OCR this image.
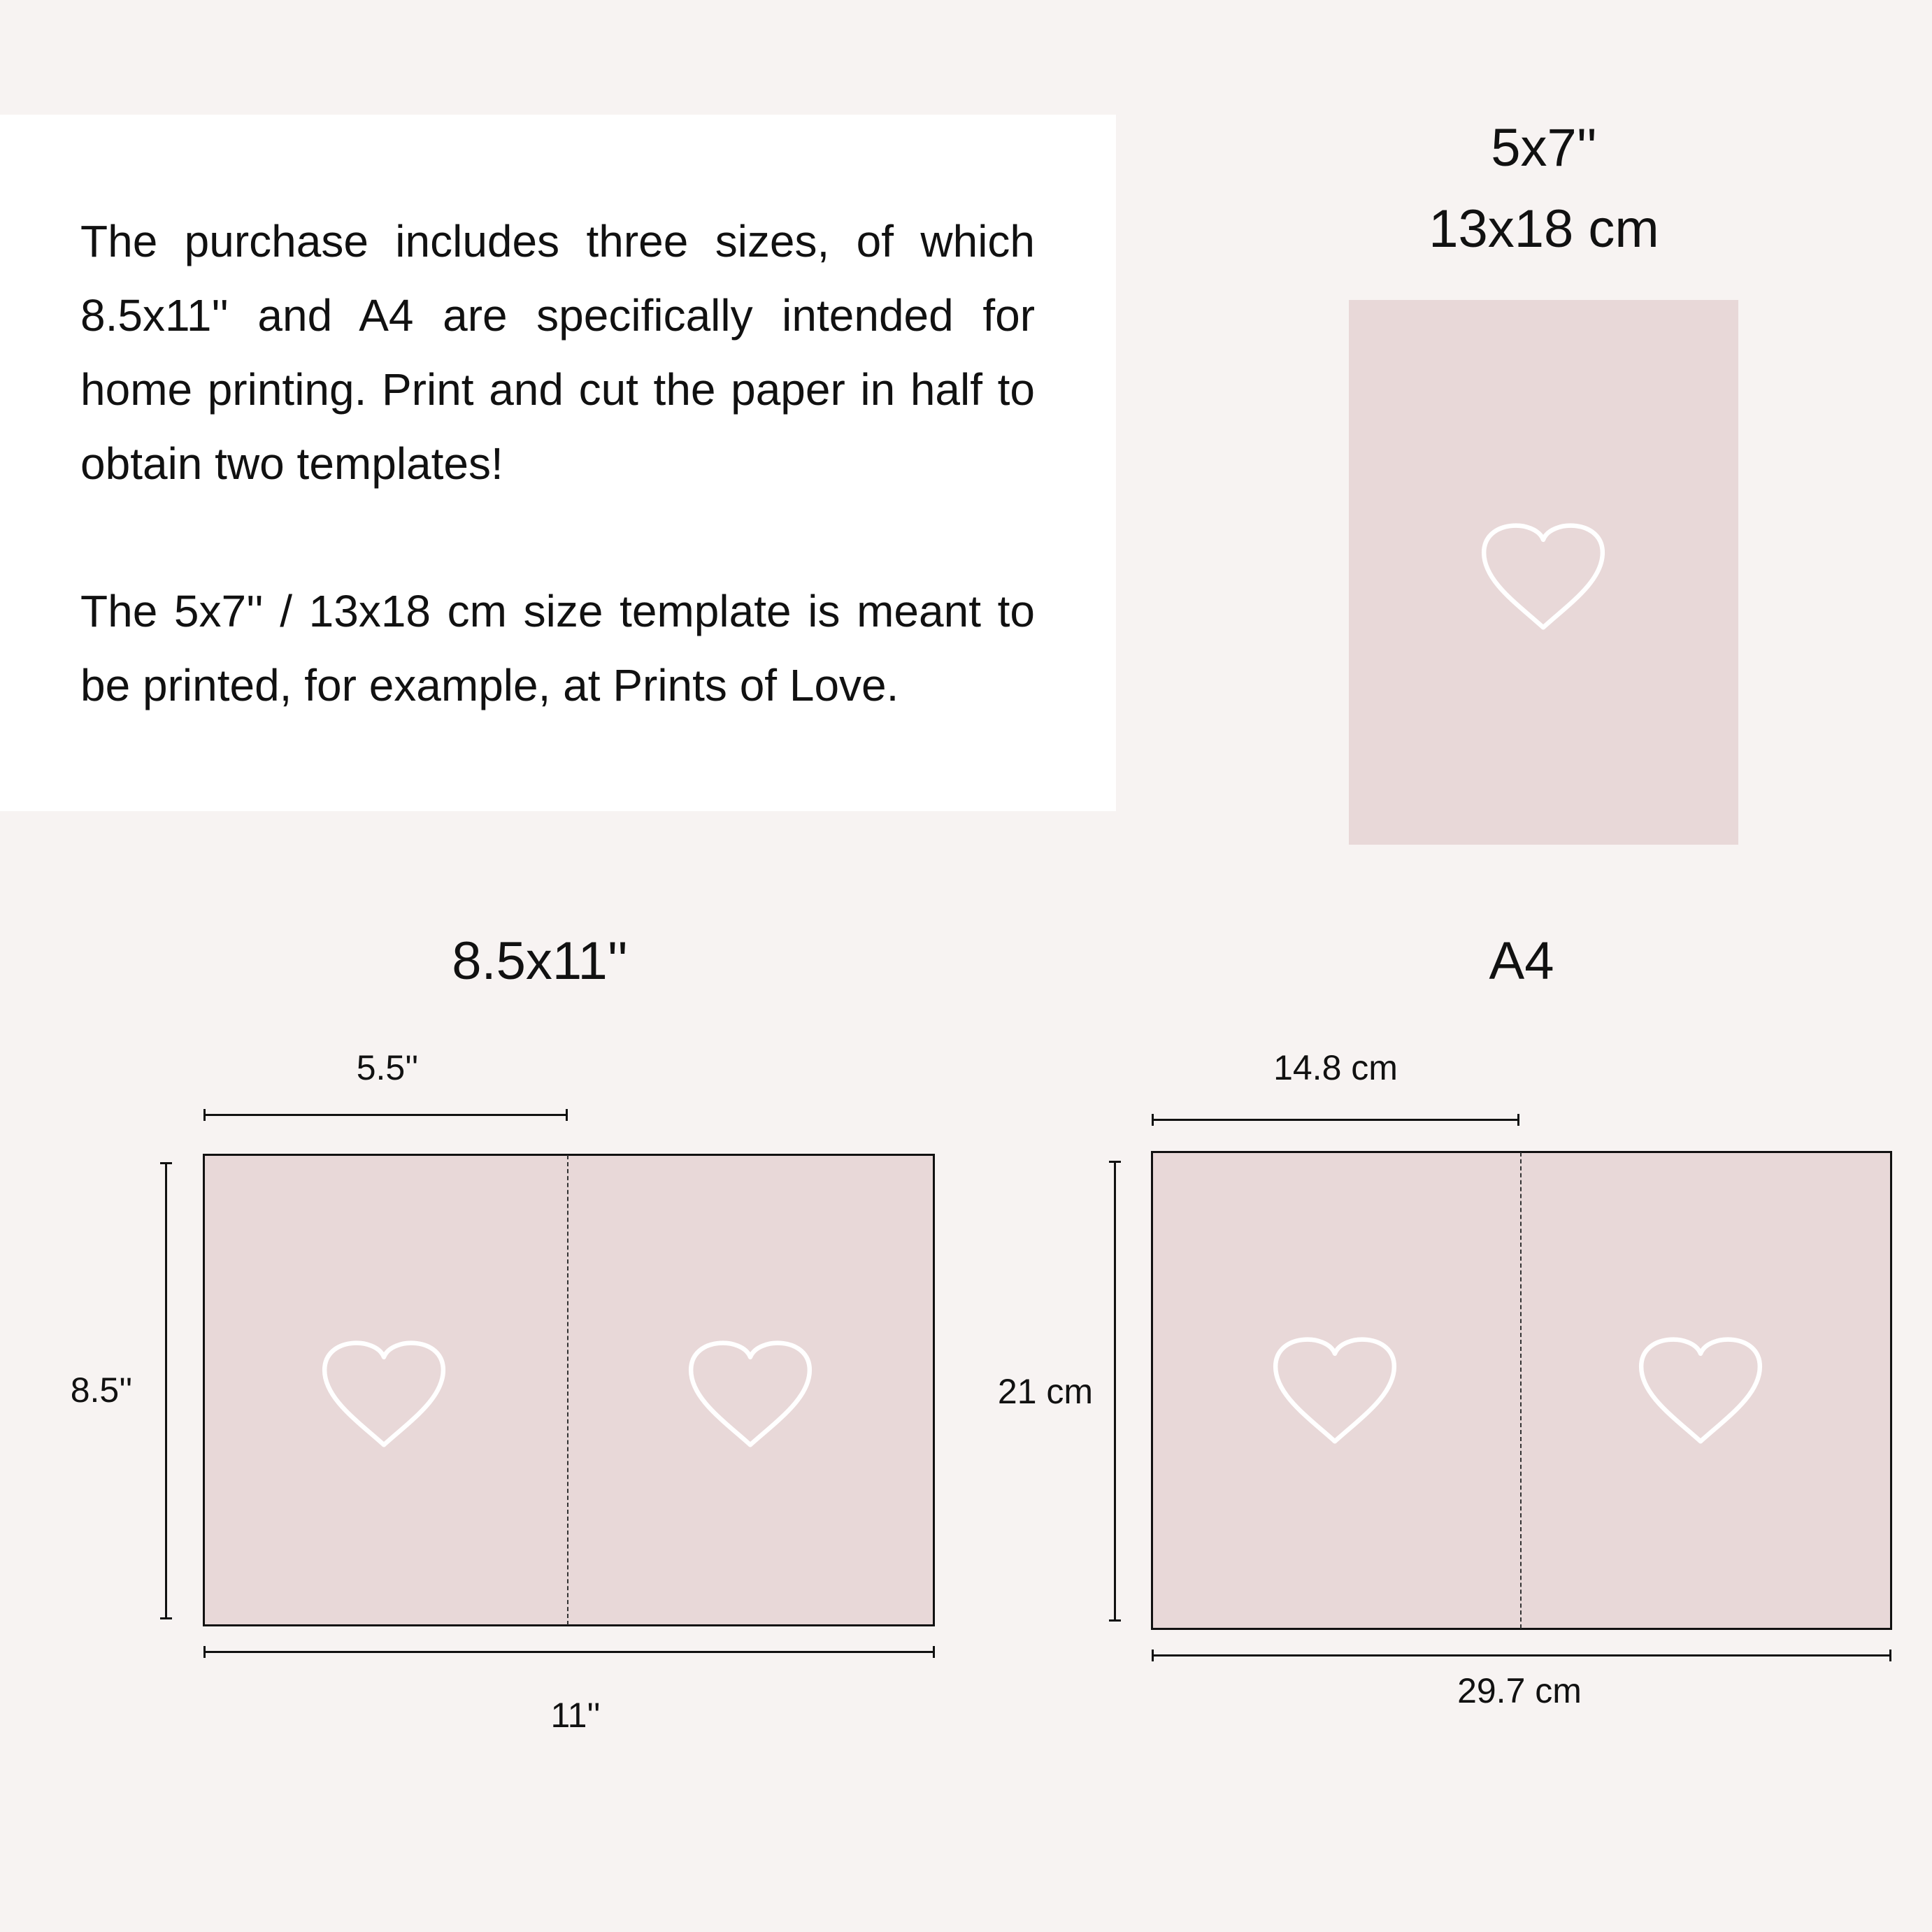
The purchase includes three sizes, of which 8.5x11'' and A4 are specifically intended for home printing. Print and cut the paper in half to obtain two templates!
The 5x7'' / 13x18 cm size template is meant to be printed, for example, at Prints of Love.
5x7''
13x18 cm
8.5x11''
5.5''
8.5''
11''
A4
14.8 cm
21 cm
29.7 cm
